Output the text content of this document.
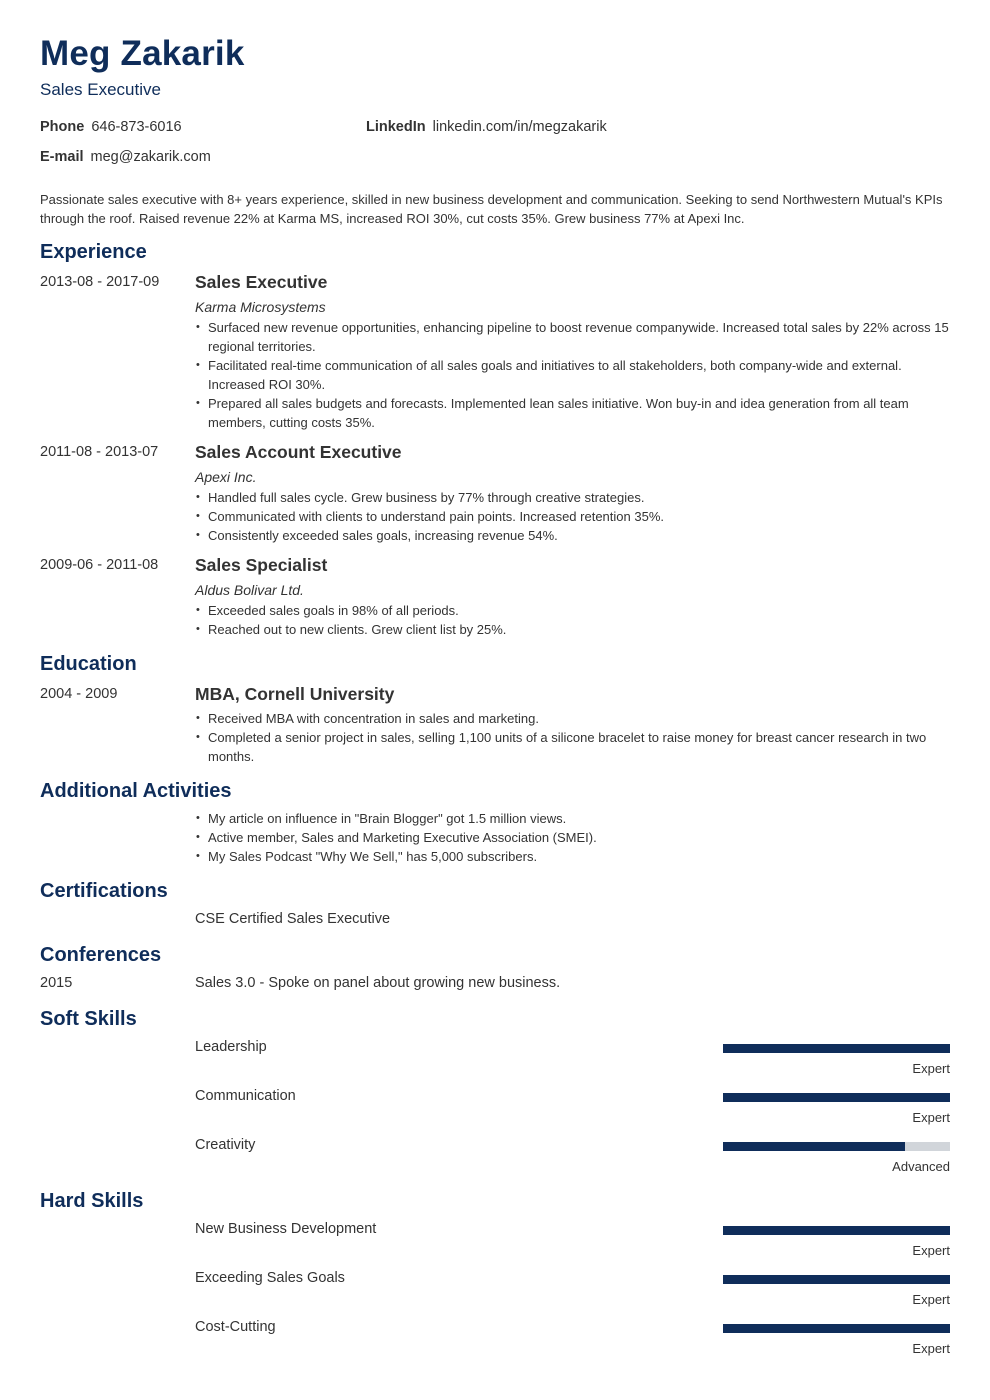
Meg Zakarik
Sales Executive
Phone 646-873-6016	LinkedIn linkedin.com/in/megzakarik
E-mail meg@zakarik.com
Passionate sales executive with 8+ years experience, skilled in new business development and communication. Seeking to send Northwestern Mutual's KPIs through the roof. Raised revenue 22% at Karma MS, increased ROI 30%, cut costs 35%. Grew business 77% at Apexi Inc.
Experience
2013-08 - 2017-09 Sales Executive
Karma Microsystems
• Surfaced new revenue opportunities, enhancing pipeline to boost revenue companywide. Increased total sales by 22% across 15 regional territories.
• Facilitated real-time communication of all sales goals and initiatives to all stakeholders, both company-wide and external. Increased ROI 30%.
• Prepared all sales budgets and forecasts. Implemented lean sales initiative. Won buy-in and idea generation from all team members, cutting costs 35%.
2011-08 - 2013-07 Sales Account Executive
Apexi Inc.
• Handled full sales cycle. Grew business by 77% through creative strategies.
• Communicated with clients to understand pain points. Increased retention 35%.
• Consistently exceeded sales goals, increasing revenue 54%.
2009-06 - 2011-08 Sales Specialist
Aldus Bolivar Ltd.
• Exceeded sales goals in 98% of all periods.
• Reached out to new clients. Grew client list by 25%.
Education
2004 - 2009	MBA, Cornell University
• Received MBA with concentration in sales and marketing.
• Completed a senior project in sales, selling 1,100 units of a silicone bracelet to raise money for breast cancer research in two months.
Additional Activities
• My article on influence in "Brain Blogger" got 1.5 million views.
• Active member, Sales and Marketing Executive Association (SMEI).
• My Sales Podcast "Why We Sell," has 5,000 subscribers.
Certifications
CSE Certified Sales Executive
Conferences
2015	Sales 3.0 - Spoke on panel about growing new business.
Soft Skills
Leadership
Expert
Communication
Expert
Creativity
Advanced
Hard Skills
New Business Development
Expert
Exceeding Sales Goals
Expert
Cost-Cutting
Expert
